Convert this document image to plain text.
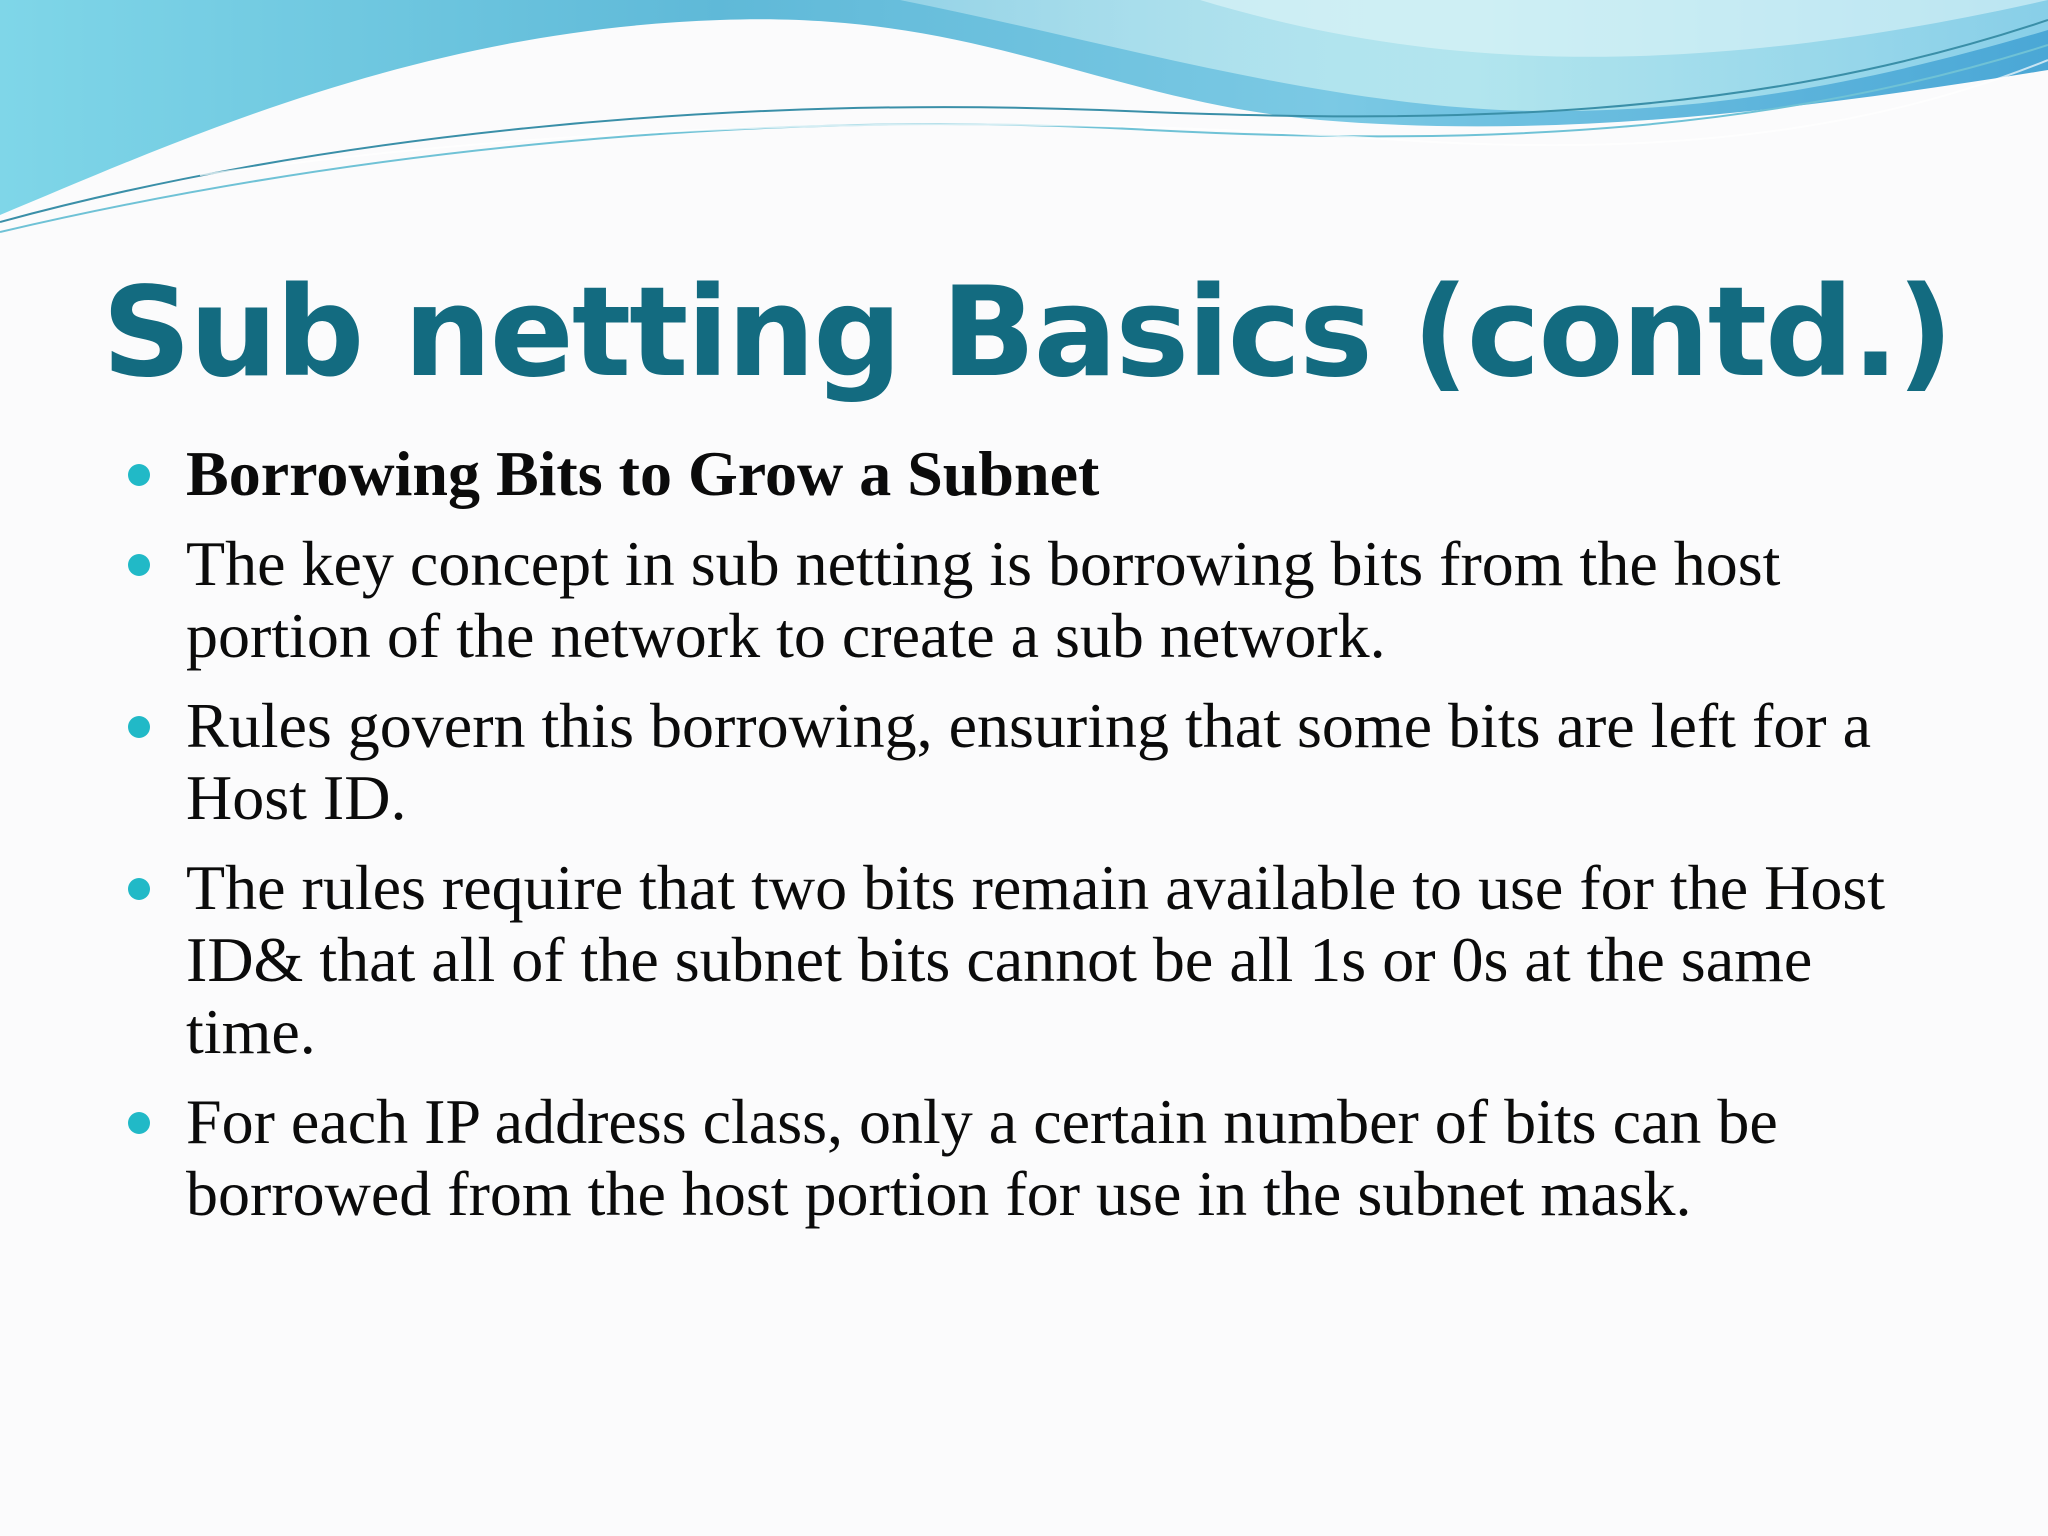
Sub netting Basics (contd.)
Borrowing Bits to Grow a Subnet
The key concept in sub netting is borrowing bits from the host portion of the network to create a sub network.
Rules govern this borrowing, ensuring that some bits are left for a Host ID.
The rules require that two bits remain available to use for the Host ID& that all of the subnet bits cannot be all 1s or 0s at the same time.
For each IP address class, only a certain number of bits can be borrowed from the host portion for use in the subnet mask.
